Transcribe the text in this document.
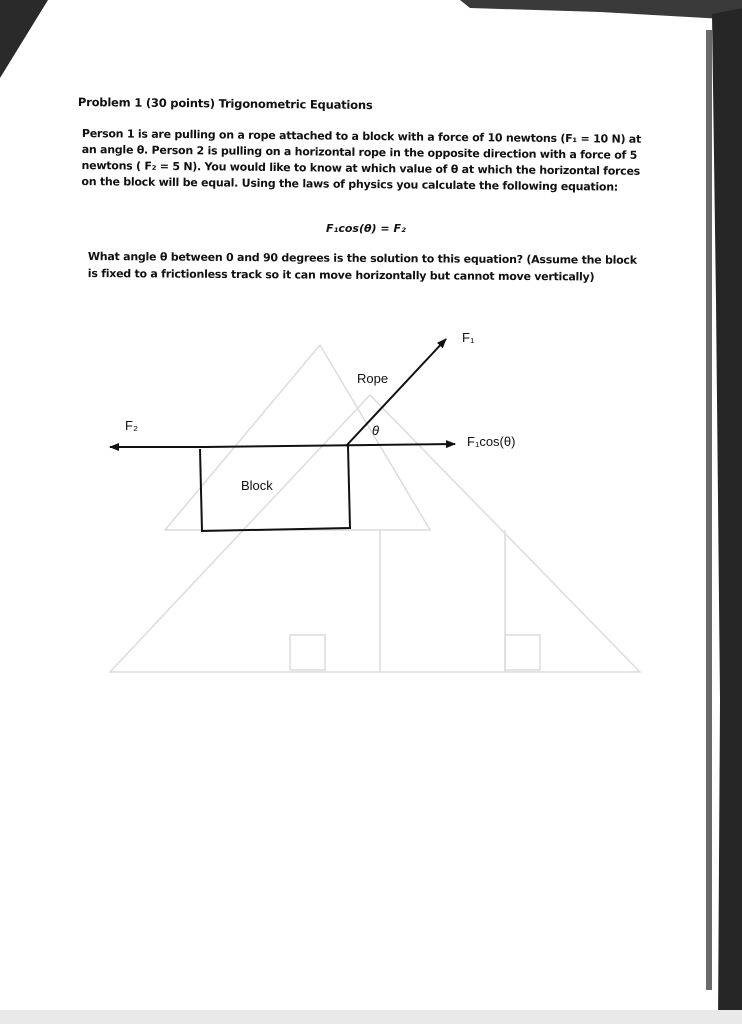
Problem 1 (30 points) Trigonometric Equations
Person 1 is are pulling on a rope attached to a block with a force of 10 newtons (F₁ = 10 N) at an angle θ. Person 2 is pulling on a horizontal rope in the opposite direction with a force of 5 newtons ( F₂ = 5 N). You would like to know at which value of θ at which the horizontal forces on the block will be equal. Using the laws of physics you calculate the following equation:
F₁cos(θ) = F₂
What angle θ between 0 and 90 degrees is the solution to this equation? (Assume the block is fixed to a frictionless track so it can move horizontally but cannot move vertically)
F₁
Rope
F₂	θ
F₁cos(θ)
Block
